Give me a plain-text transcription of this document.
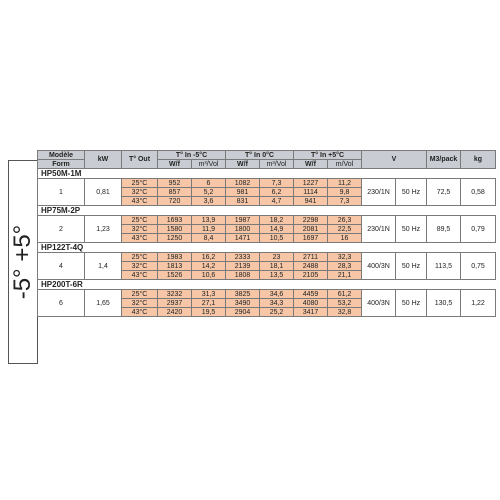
-5° +5°
Modèle	kW	T° Out	T° In -5°C		T° In 0°C		T° In +5°C		V		M3/pack	kg
Form			W/f	m³/Vol	W/f	m³/Vol	W/f	m/Vol				
HP50M-1M												
1	0,81	25°C	952	6	1082	7,3	1227	11,2	230/1N	50 Hz	72,5	0,58
		32°C	857	5,2	981	6,2	1114	9,8				
		43°C	720	3,6	831	4,7	941	7,3				
HP75M-2P												
2	1,23	25°C	1693	13,9	1987	18,2	2298	26,3	230/1N	50 Hz	89,5	0,79
		32°C	1580	11,9	1800	14,9	2081	22,5				
		43°C	1250	8,4	1471	10,5	1697	16				
HP122T-4Q												
4	1,4	25°C	1983	16,2	2333	23	2711	32,3	400/3N	50 Hz	113,5	0,75
		32°C	1813	14,2	2139	18,1	2488	28,3				
		43°C	1526	10,6	1808	13,5	2105	21,1				
HP200T-6R												
6	1,65	25°C	3232	31,3	3825	34,6	4459	61,2	400/3N	50 Hz	130,5	1,22
		32°C	2937	27,1	3490	34,3	4080	53,2				
		43°C	2420	19,5	2904	25,2	3417	32,8				
